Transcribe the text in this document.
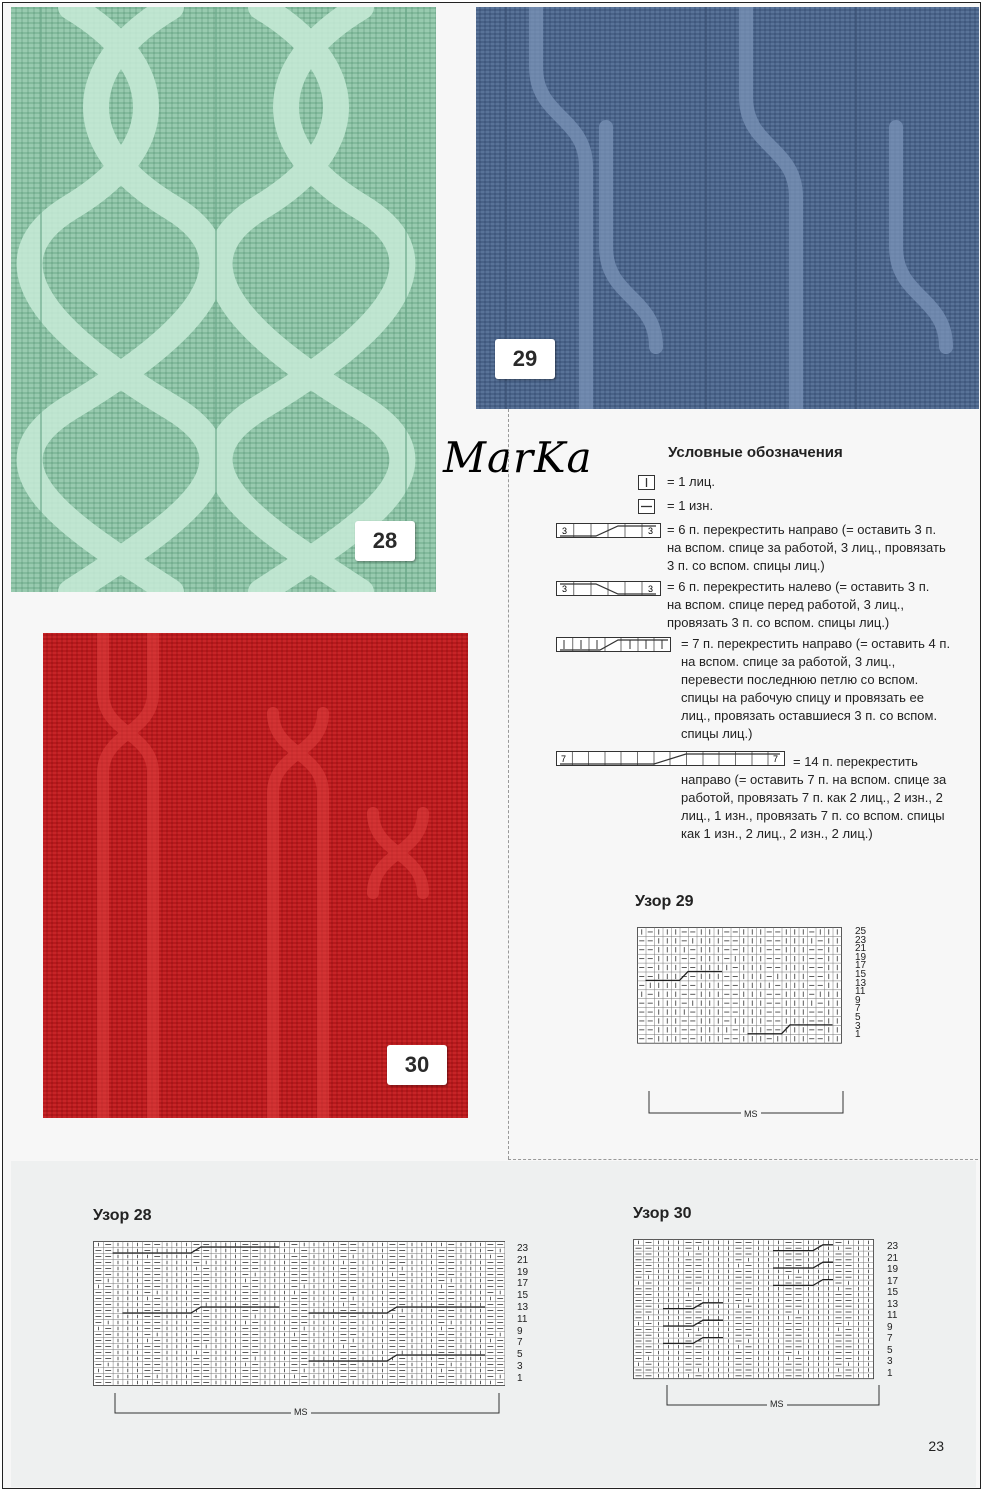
28
29
30
MarKa	Условные обозначения
= 1 лиц.
= 1 изн.
3	3 = 6 п. перекрестить направо (= оставить 3 п. на вспом. спице за работой, 3 лиц., провязать 3 п. со вспом. спицы лиц.)
3	3 = 6 п. перекрестить налево (= оставить 3 п. на вспом. спице перед работой, 3 лиц., провязать 3 п. со вспом. спицы лиц.)
= 7 п. перекрестить направо (= оставить 4 п. на вспом. спице за работой, 3 лиц., перевести последнюю петлю со вспом. спицы на рабочую спицу и провязать ее лиц., провязать оставшиеся 3 п. со вспом. спицы лиц.)
7	7	= 14 п. перекрестить направо (= оставить 7 п. на вспом. спице за работой, провязать 7 п. как 2 лиц., 2 изн., 2 лиц., 1 изн., провязать 7 п. со вспом. спицы как 1 изн., 2 лиц., 2 изн., 2 лиц.)
Узор 29
25
23
21
19
17
15
13
11
9
7
5
3
1
MS
Узор 28
23
21
19
17
15
13
11
9
7
5
3
1
MS
Узор 30
23
21
19
17
15
13
11
9
7
5
3
1
MS
23
